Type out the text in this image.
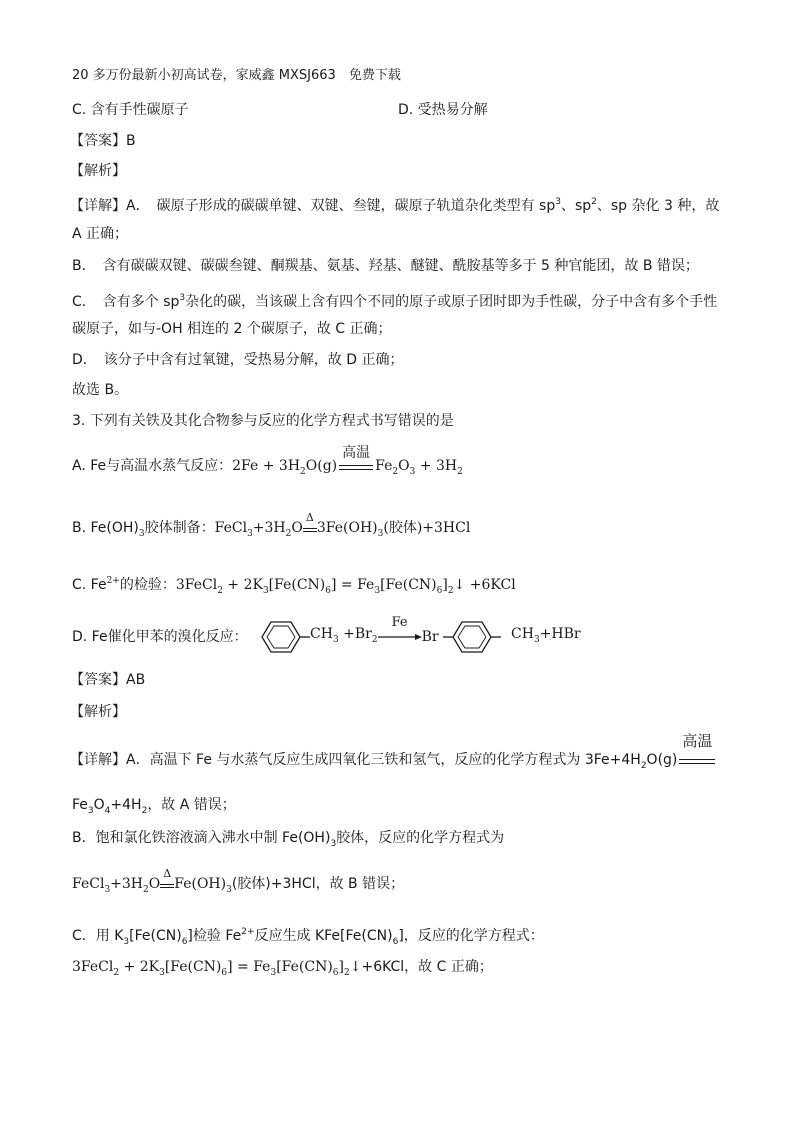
20 多万份最新小初高试卷，家威鑫 MXSJ663　免费下载
C. 含有手性碳原子	D. 受热易分解
【答案】B
【解析】
【详解】A．　碳原子形成的碳碳单键、双键、叁键，碳原子轨道杂化类型有 $sp^3$、$sp^2$、sp 杂化 3 种，故
A 正确；
B．　含有碳碳双键、碳碳叁键、酮羰基、氨基、羟基、醚键、酰胺基等多于 5 种官能团，故 B 错误；
C．　含有多个 $sp^3$杂化的碳，当该碳上含有四个不同的原子或原子团时即为手性碳，分子中含有多个手性
碳原子，如与-OH 相连的 2 个碳原子，故 C 正确；
D．　该分子中含有过氧键，受热易分解，故 D 正确；
故选 B。
3. 下列有关铁及其化合物参与反应的化学方程式书写错误的是
A. Fe与高温水蒸气反应：$2Fe + 3H_2O(g)$
高温
$Fe_2O_3 + 3H_2$
B. $Fe(OH)_3$胶体制备：$FeCl_3+3H_2O$
Δ
$3Fe(OH)_3$(胶体)+3HCl
C. $Fe^{2+}$的检验：3FeCl$_2$ + $2K_3[Fe(CN)_6]$ = $Fe_3[Fe(CN)_6]_2↓ +6KCl$
D. Fe催化甲苯的溴化反应：	$CH_3 +Br_2$
Fe
Br	$CH_3+HBr$
【答案】AB
【解析】
【详解】A．高温下 Fe 与水蒸气反应生成四氧化三铁和氢气，反应的化学方程式为 $3Fe+4H_2O(g)$
高温
$Fe_3O_4+4H_2$，故 A 错误；
B．饱和氯化铁溶液滴入沸水中制 $Fe(OH)_3$胶体，反应的化学方程式为
$FeCl_3+3H_2O$
Δ
$Fe(OH)_3$(胶体)+3HCl，故 B 错误；
C．用 $K_3[Fe(CN)_6]$检验 $Fe^{2+}$反应生成 $KFe[Fe(CN)_6]$，反应的化学方程式：
3FeCl$_2$ + $2K_3[Fe(CN)_6]$ = $Fe_3[Fe(CN)_6]_2↓+6KCl$，故 C 正确；
